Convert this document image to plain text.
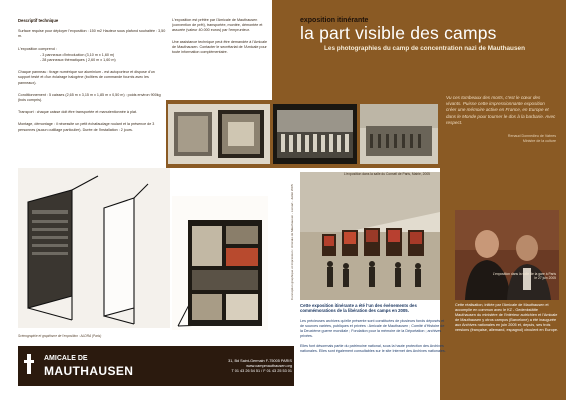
Descriptif technique

Surface requise pour déployer l'exposition : 150 m2 Hauteur sous plafond souhaitée : 3,50 m.

L'exposition comprend :

- 3 panneaux d'introduction (3,10 m x 1,60 m)
- 28 panneaux thématiques ( 2,60 m x 1,60 m)

Chaque panneau : tirage numérique sur aluminium - est autoporteur et dispose d'un support testé et d'un éclairage halogène (boîtiers de commande fournis avec les panneaux).

Conditionnement : 5 caisses (2,65 m x 3,15 m x 1,85 m x 0,50 m) : poids environ 900kg (bois compris).

Transport : chaque caisse doit être transportée et manutentionnée à plat.

Montage, démontage : il nécessite un petit échafaudage roulant et la présence de 3 personnes (aucun outillage particulier). Durée de l'installation : 2 jours.

L'exposition est prêtée par l'Amicale de Mauthausen (convention de prêt), transportée, montée, démontée et assurée (valeur 40.000 euros) par l'emprunteur.

Une assistance technique peut être demandée à l'Amicale de Mauthausen. Contacter le secrétariat de l'Amicale pour toute information complémentaire.

exposition itinérante
la part visible des camps
Les photographies du camp de concentration nazi de Mauthausen
Vu ces tombeaux des morts, c'est le cœur des vivants. Puisse cette impressionnante exposition créer une mémoire active en France, en Europe et dans le Monde pour tourner le dos à la barbarie. Avec respect.
Renaud Donnedieu de Vabres
Ministre de la culture
L'exposition dans la salle du Conseil de Paris, Mairie, 2005
Conception graphique et impression : Amicale de Mauthausen - Lienart - Juillet 2005	L'exposition dans la salle de la gare à Paris le 27 juin 2005

Cette exposition itinérante a été l'un des événements des commémorations de la libération des camps en 2005.

Les précieuses archives qu'elle présente sont constituées de plusieurs fonds déposés et de sources variées, publiques et privées : Amicale de Mauthausen ; Comité d'Histoire de la Deuxième guerre mondiale ; Fondation pour la mémoire de la Déportation ; archives privées.

Elles font désormais partie du patrimoine national, sous la haute protection des Archives nationales. Elles sont également consultables sur le site Internet des Archives nationales.

Cette réalisation, initiée par l'Amicale de Mauthausen et accomplie en commun avec le KZ - Gedenkstätte Mauthausen du ministère de l'Intérieur autrichien et l'Amicale de Mauthausen y otros campos (Barcelone) a été inaugurée aux Archives nationales en juin 2005 et, depuis, ses trois versions (française, allemand, espagnol) circulent en Europe.
Scénographie et graphisme de l'exposition : ALDRA (Paris)
AMICALE DE
MAUTHAUSEN
31, Bd Saint-Germain F-75005 PARIS
www.campmauthausen.org
T 01 43 26 54 51 / F 01 43 25 53 01
